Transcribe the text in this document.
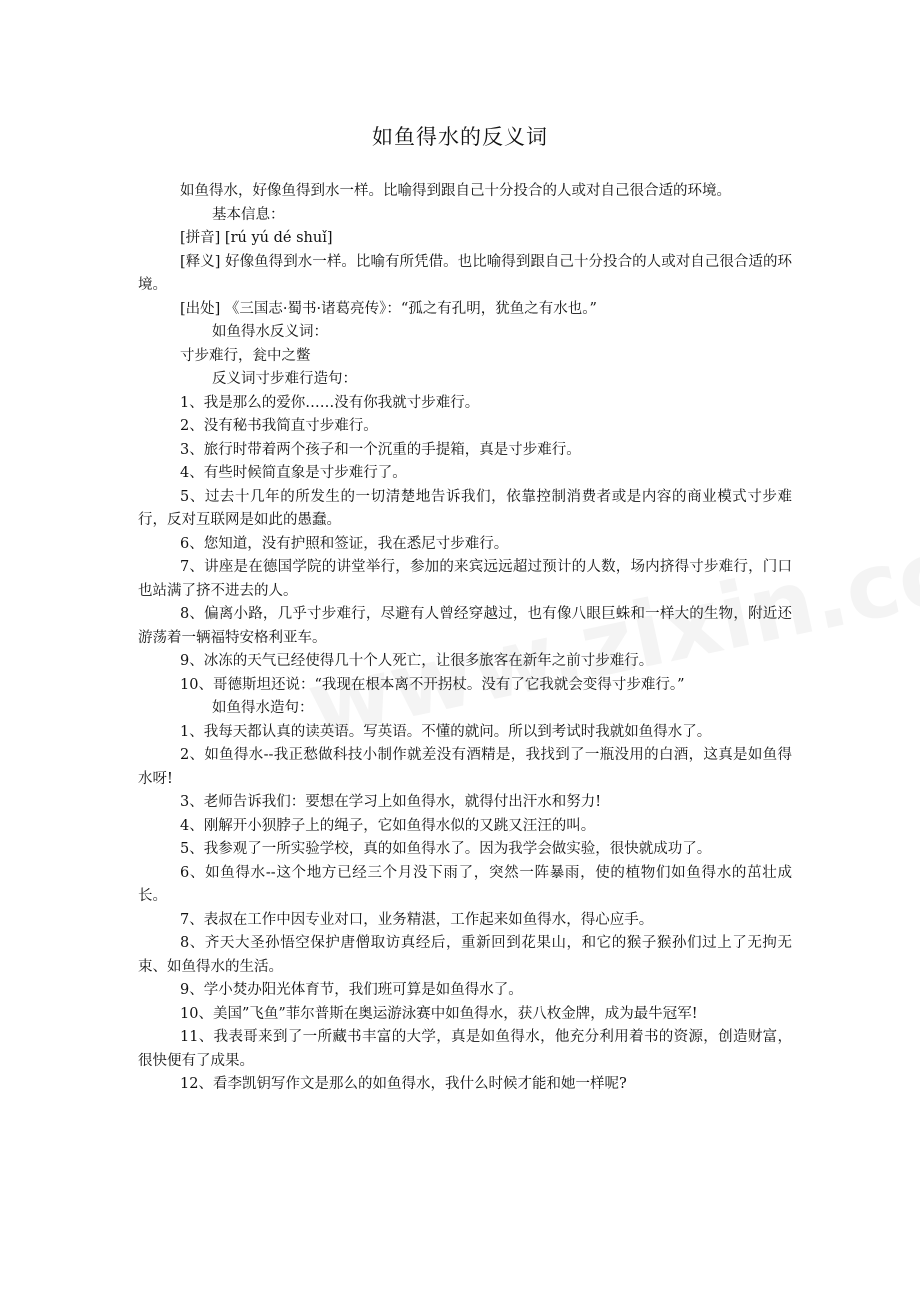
如鱼得水的反义词

如鱼得水，好像鱼得到水一样。比喻得到跟自己十分投合的人或对自己很合适的环境。

基本信息：

[拼音] [rú yú dé shuǐ]

[释义] 好像鱼得到水一样。比喻有所凭借。也比喻得到跟自己十分投合的人或对自己很合适的环境。

[出处] 《三国志·蜀书·诸葛亮传》：“孤之有孔明，犹鱼之有水也。”

如鱼得水反义词：

寸步难行，瓮中之鳖

反义词寸步难行造句：

1、我是那么的爱你……没有你我就寸步难行。

2、没有秘书我简直寸步难行。

3、旅行时带着两个孩子和一个沉重的手提箱，真是寸步难行。

4、有些时候简直象是寸步难行了。

5、过去十几年的所发生的一切清楚地告诉我们，依靠控制消费者或是内容的商业模式寸步难行，反对互联网是如此的愚蠢。

6、您知道，没有护照和签证，我在悉尼寸步难行。

7、讲座是在德国学院的讲堂举行，参加的来宾远远超过预计的人数，场内挤得寸步难行，门口也站满了挤不进去的人。

8、偏离小路，几乎寸步难行，尽避有人曾经穿越过，也有像八眼巨蛛和一样大的生物，附近还游荡着一辆福特安格利亚车。

9、冰冻的天气已经使得几十个人死亡，让很多旅客在新年之前寸步难行。

10、哥德斯坦还说：“我现在根本离不开拐杖。没有了它我就会变得寸步难行。”

如鱼得水造句：

1、我每天都认真的读英语。写英语。不懂的就问。所以到考试时我就如鱼得水了。

2、如鱼得水--我正愁做科技小制作就差没有酒精是，我找到了一瓶没用的白酒，这真是如鱼得水呀!

3、老师告诉我们：要想在学习上如鱼得水，就得付出汗水和努力!

4、刚解开小狈脖子上的绳子，它如鱼得水似的又跳又汪汪的叫。

5、我参观了一所实验学校，真的如鱼得水了。因为我学会做实验，很快就成功了。

6、如鱼得水--这个地方已经三个月没下雨了，突然一阵暴雨，使的植物们如鱼得水的茁壮成长。

7、表叔在工作中因专业对口，业务精湛，工作起来如鱼得水，得心应手。

8、齐天大圣孙悟空保护唐僧取访真经后，重新回到花果山，和它的猴子猴孙们过上了无拘无束、如鱼得水的生活。

9、学小焚办阳光体育节，我们班可算是如鱼得水了。

10、美国”飞鱼”菲尔普斯在奥运游泳赛中如鱼得水，获八枚金牌，成为最牛冠军!

11、我表哥来到了一所藏书丰富的大学，真是如鱼得水，他充分利用着书的资源，创造财富，很快便有了成果。

12、看李凯钥写作文是那么的如鱼得水，我什么时候才能和她一样呢?
